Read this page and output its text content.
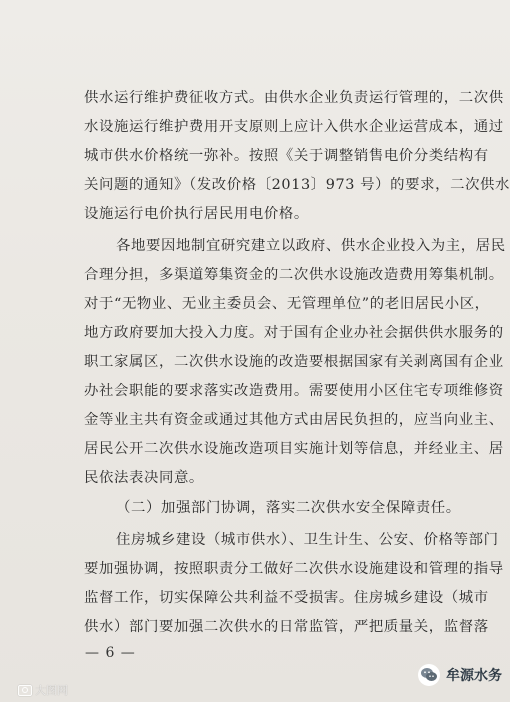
供水运行维护费征收方式。由供水企业负责运行管理的，二次供
水设施运行维护费用开支原则上应计入供水企业运营成本，通过
城市供水价格统一弥补。按照《关于调整销售电价分类结构有
关问题的通知》（发改价格〔2013〕973 号）的要求，二次供水
设施运行电价执行居民用电价格。
各地要因地制宜研究建立以政府、供水企业投入为主，居民
合理分担，多渠道筹集资金的二次供水设施改造费用筹集机制。
对于“无物业、无业主委员会、无管理单位”的老旧居民小区，
地方政府要加大投入力度。对于国有企业办社会据供供水服务的
职工家属区，二次供水设施的改造要根据国家有关剥离国有企业
办社会职能的要求落实改造费用。需要使用小区住宅专项维修资
金等业主共有资金或通过其他方式由居民负担的，应当向业主、
居民公开二次供水设施改造项目实施计划等信息，并经业主、居
民依法表决同意。
（二）加强部门协调，落实二次供水安全保障责任。
住房城乡建设（城市供水）、卫生计生、公安、价格等部门
要加强协调，按照职责分工做好二次供水设施建设和管理的指导
监督工作，切实保障公共利益不受损害。住房城乡建设（城市
供水）部门要加强二次供水的日常监管，严把质量关，监督落
— 6 —
大图网
牟源水务
